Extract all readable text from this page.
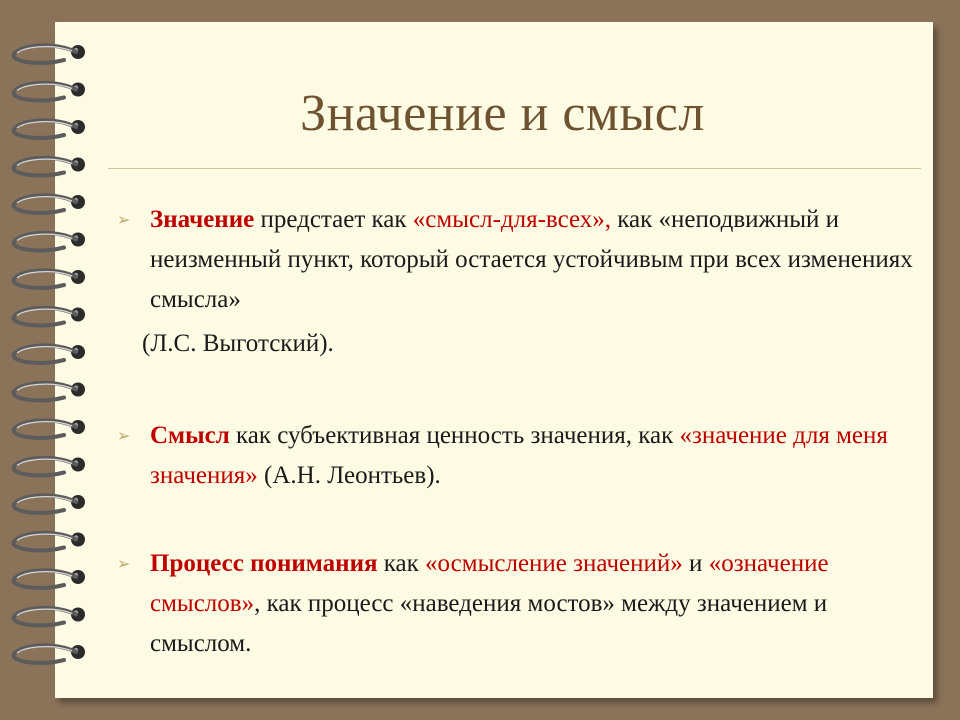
Значение и смысл
➢ Значение предстает как «смысл-для-всех», как «неподвижный и неизменный пункт, который остается устойчивым при всех изменениях смысла»
(Л.С. Выготский).
➢ Смысл как субъективная ценность значения, как «значение для меня значения» (А.Н. Леонтьев).
➢ Процесс понимания как «осмысление значений» и «означение смыслов», как процесс «наведения мостов» между значением и смыслом.
